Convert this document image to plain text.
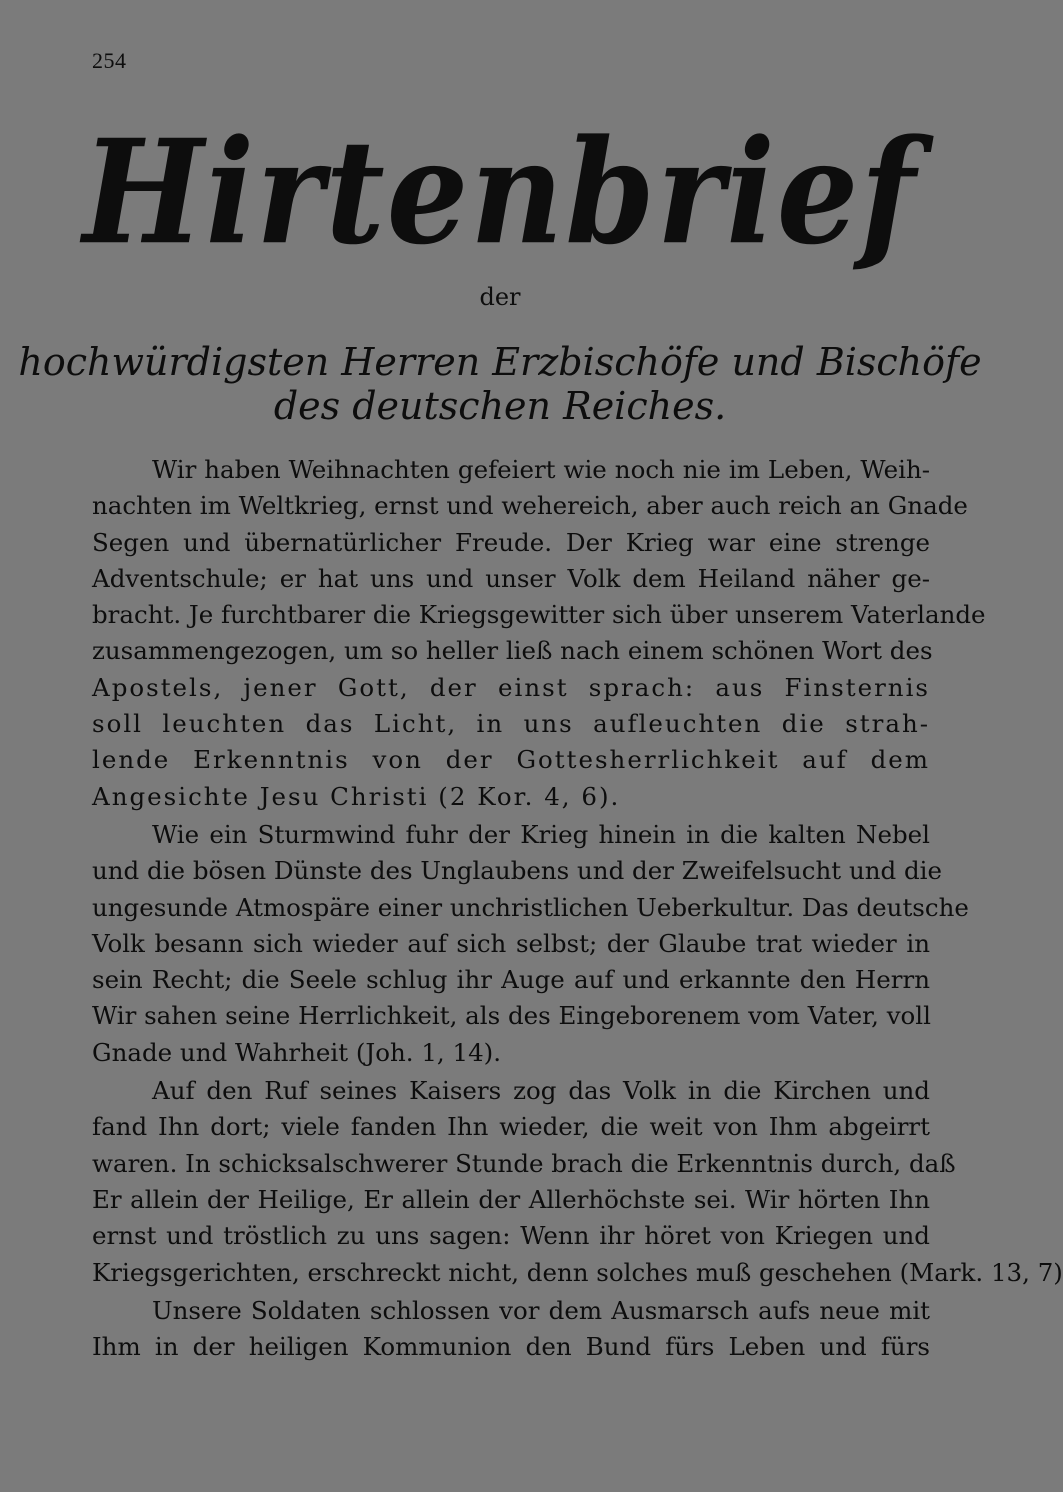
254
Hirtenbrief
der
hochwürdigsten Herren Erzbischöfe und Bischöfe
des deutschen Reiches.
Wir haben Weihnachten gefeiert wie noch nie im Leben, Weih-
nachten im Weltkrieg, ernst und wehereich, aber auch reich an Gnade
Segen und übernatürlicher Freude. Der Krieg war eine strenge
Adventschule; er hat uns und unser Volk dem Heiland näher ge-
bracht. Je furchtbarer die Kriegsgewitter sich über unserem Vaterlande
zusammengezogen, um so heller ließ nach einem schönen Wort des
Apostels, jener Gott, der einst sprach: aus Finsternis
soll leuchten das Licht, in uns aufleuchten die strah-
lende Erkenntnis von der Gottesherrlichkeit auf dem
Angesichte Jesu Christi (2 Kor. 4, 6).
Wie ein Sturmwind fuhr der Krieg hinein in die kalten Nebel
und die bösen Dünste des Unglaubens und der Zweifelsucht und die
ungesunde Atmospäre einer unchristlichen Ueberkultur. Das deutsche
Volk besann sich wieder auf sich selbst; der Glaube trat wieder in
sein Recht; die Seele schlug ihr Auge auf und erkannte den Herrn
Wir sahen seine Herrlichkeit, als des Eingeborenem vom Vater, voll
Gnade und Wahrheit (Joh. 1, 14).
Auf den Ruf seines Kaisers zog das Volk in die Kirchen und
fand Ihn dort; viele fanden Ihn wieder, die weit von Ihm abgeirrt
waren. In schicksalschwerer Stunde brach die Erkenntnis durch, daß
Er allein der Heilige, Er allein der Allerhöchste sei. Wir hörten Ihn
ernst und tröstlich zu uns sagen: Wenn ihr höret von Kriegen und
Kriegsgerichten, erschreckt nicht, denn solches muß geschehen (Mark. 13, 7)
Unsere Soldaten schlossen vor dem Ausmarsch aufs neue mit
Ihm in der heiligen Kommunion den Bund fürs Leben und fürs
